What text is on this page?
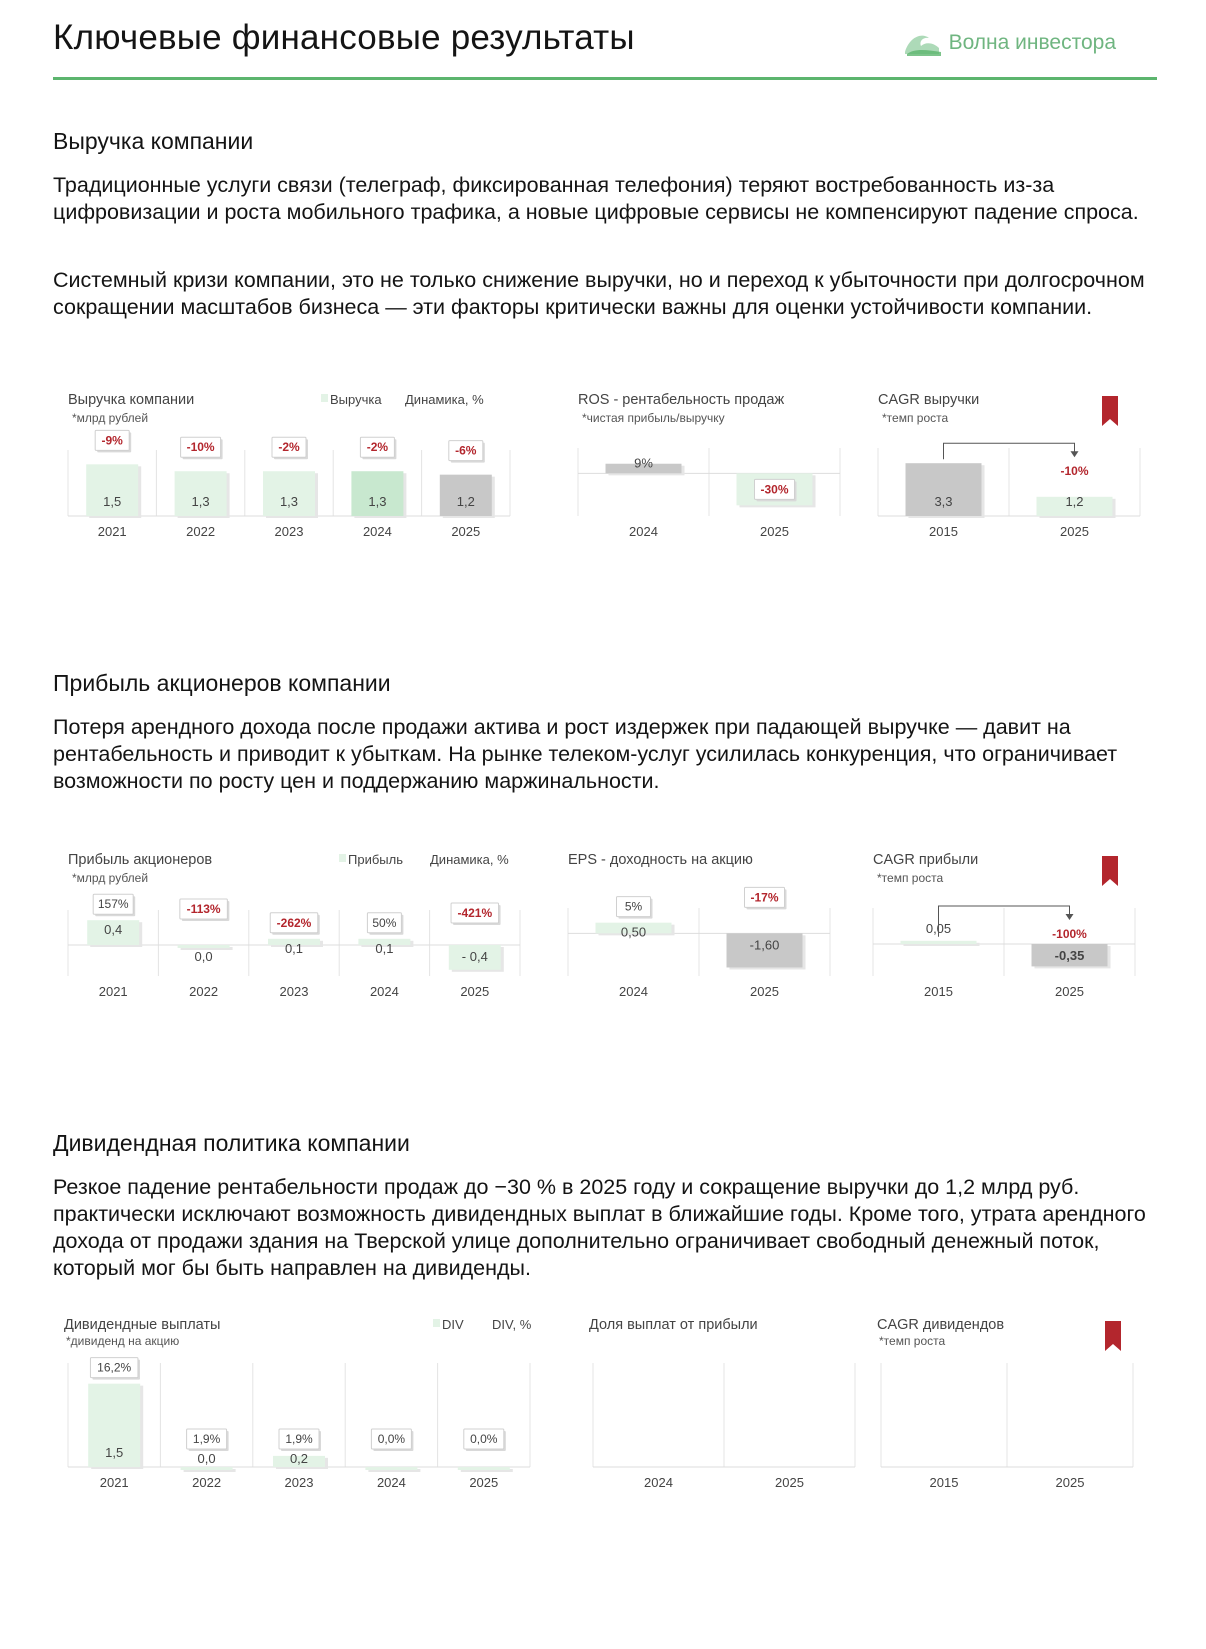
Ключевые финансовые результаты	Волна инвестора
Выручка компании
Традиционные услуги связи (телеграф, фиксированная телефония) теряют востребованность из-за цифровизации и роста мобильного трафика, а новые цифровые сервисы не компенсируют падение спроса.
Системный кризи компании, это не только снижение выручки, но и переход к убыточности при долгосрочном сокращении масштабов бизнеса — эти факторы критически важны для оценки устойчивости компании.
Выручка компании
*млрд рублей
Выручка Динамика, %
2021	2022	2023	2024	2025
1,5
-9%
1,3
-10%
1,3
-2%
1,3
-2%
1,2
-6%
ROS - рентабельность продаж
*чистая прибыль/выручку
2024	2025
9%
-30%
CAGR выручки
*темп роста
2015	2025
3,3	1,2
-10%
Прибыль акционеров компании
Потеря арендного дохода после продажи актива и рост издержек при падающей выручке — давит на рентабельность и приводит к убыткам. На рынке телеком-услуг усилилась конкуренция, что ограничивает возможности по росту цен и поддержанию маржинальности.
Прибыль акционеров
*млрд рублей
Прибыль Динамика, %
2021	2022	2023	2024	2025
0,4
157%
0,0
-113%
0,1
-262%
0,1
50%
- 0,4
-421%
EPS - доходность на акцию
2024	2025
0,50
5%
-1,60
-17%
CAGR прибыли
*темп роста
2015	2025
0,05
-0,35
-100%
Дивидендная политика компании
Резкое падение рентабельности продаж до −30 % в 2025 году и сокращение выручки до 1,2 млрд руб. практически исключают возможность дивидендных выплат в ближайшие годы. Кроме того, утрата арендного дохода от продажи здания на Тверской улице дополнительно ограничивает свободный денежный поток, который мог бы быть направлен на дивиденды.
Дивидендные выплаты
*дивиденд на акцию
DIV DIV, %
2021	2022	2023	2024	2025
1,5
16,2%
0,0
1,9%
0,2
1,9%	0,0%	0,0%
Доля выплат от прибыли
2024	2025
CAGR дивидендов
*темп роста
2015	2025
